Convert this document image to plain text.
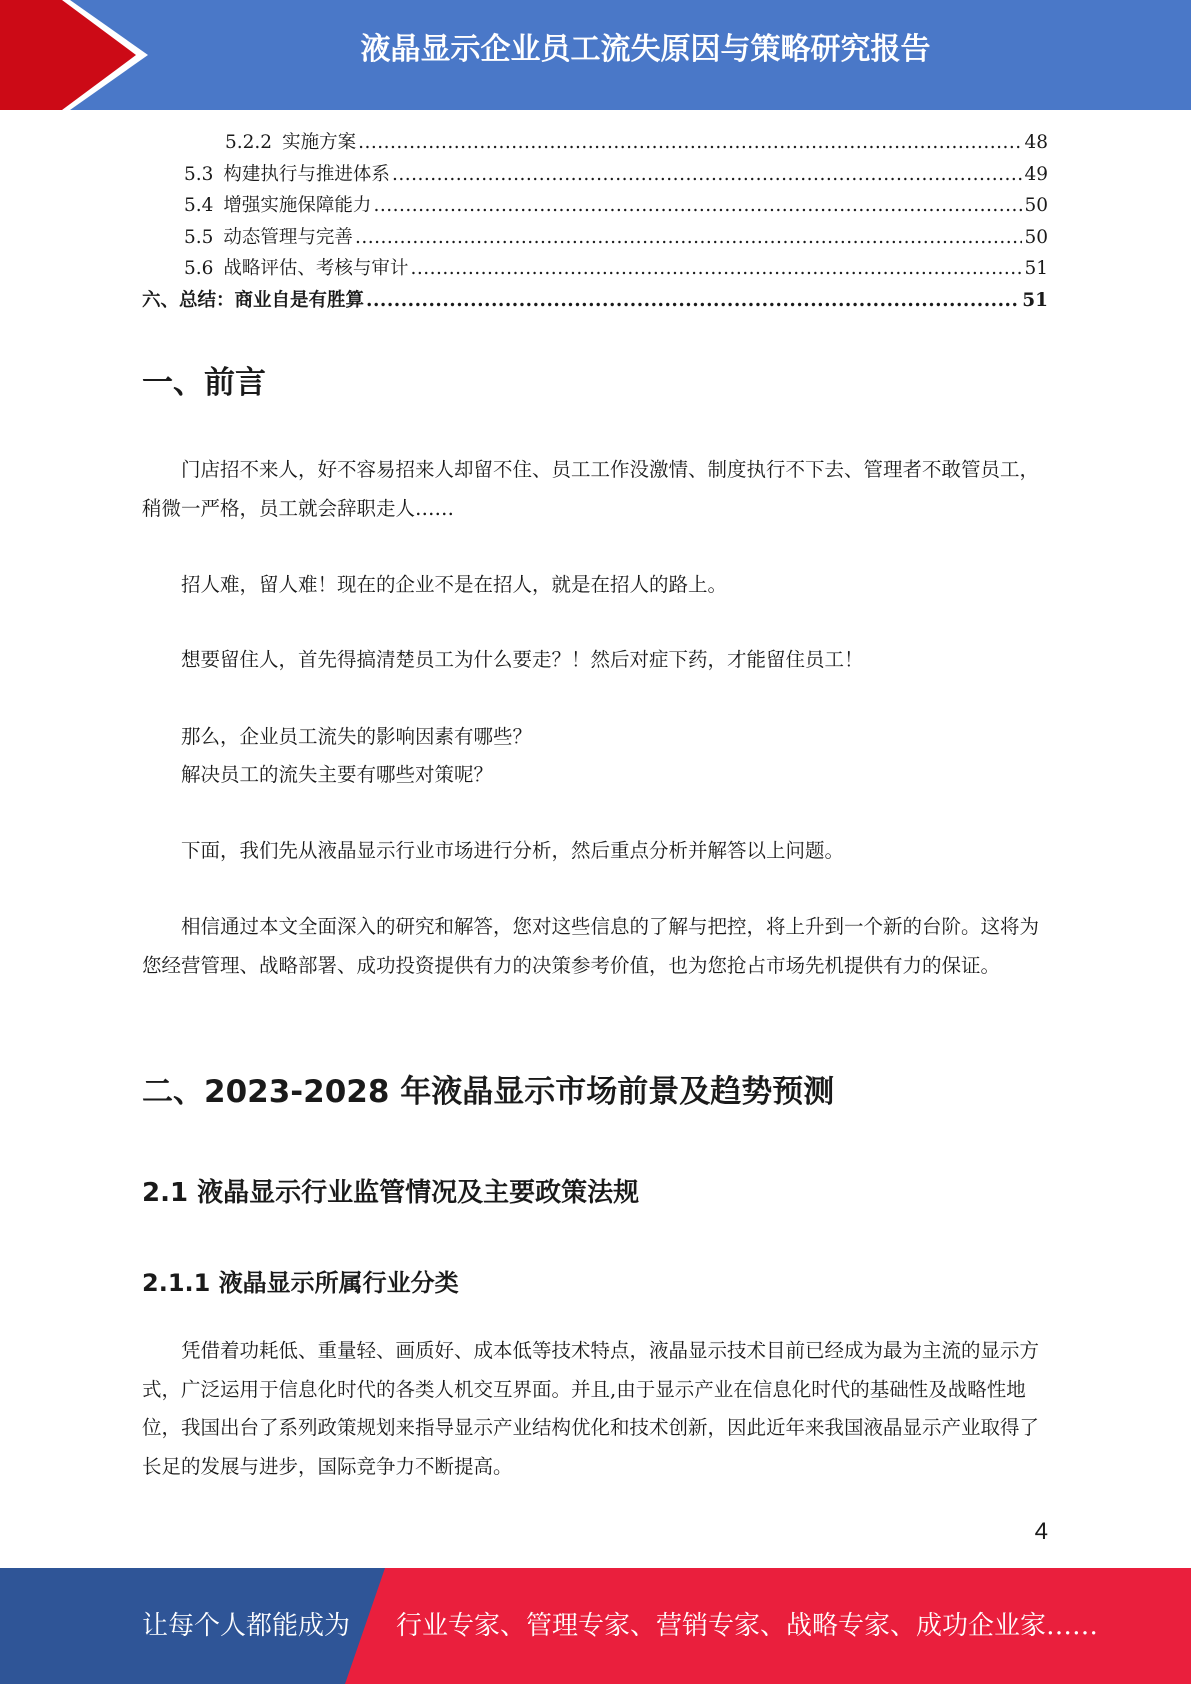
液晶显示企业员工流失原因与策略研究报告
5.2.2 实施方案 .....	48
5.3 构建执行与推进体系 .....	49
5.4 增强实施保障能力 .....	50
5.5 动态管理与完善 .....	50
5.6 战略评估、考核与审计 .....	51
六、总结：商业自是有胜算 .....	51
一、前言
门店招不来人，好不容易招来人却留不住、员工工作没激情、制度执行不下去、管理者不敢管员工，稍微一严格，员工就会辞职走人……
招人难，留人难！现在的企业不是在招人，就是在招人的路上。
想要留住人，首先得搞清楚员工为什么要走？！然后对症下药，才能留住员工！
那么，企业员工流失的影响因素有哪些？
解决员工的流失主要有哪些对策呢？
下面，我们先从液晶显示行业市场进行分析，然后重点分析并解答以上问题。
相信通过本文全面深入的研究和解答，您对这些信息的了解与把控，将上升到一个新的台阶。这将为您经营管理、战略部署、成功投资提供有力的决策参考价值，也为您抢占市场先机提供有力的保证。
二、2023-2028 年液晶显示市场前景及趋势预测
2.1 液晶显示行业监管情况及主要政策法规
2.1.1 液晶显示所属行业分类
凭借着功耗低、重量轻、画质好、成本低等技术特点，液晶显示技术目前已经成为最为主流的显示方式，广泛运用于信息化时代的各类人机交互界面。并且,由于显示产业在信息化时代的基础性及战略性地位，我国出台了系列政策规划来指导显示产业结构优化和技术创新，因此近年来我国液晶显示产业取得了长足的发展与进步，国际竞争力不断提高。
4
让每个人都能成为 行业专家、管理专家、营销专家、战略专家、成功企业家……
